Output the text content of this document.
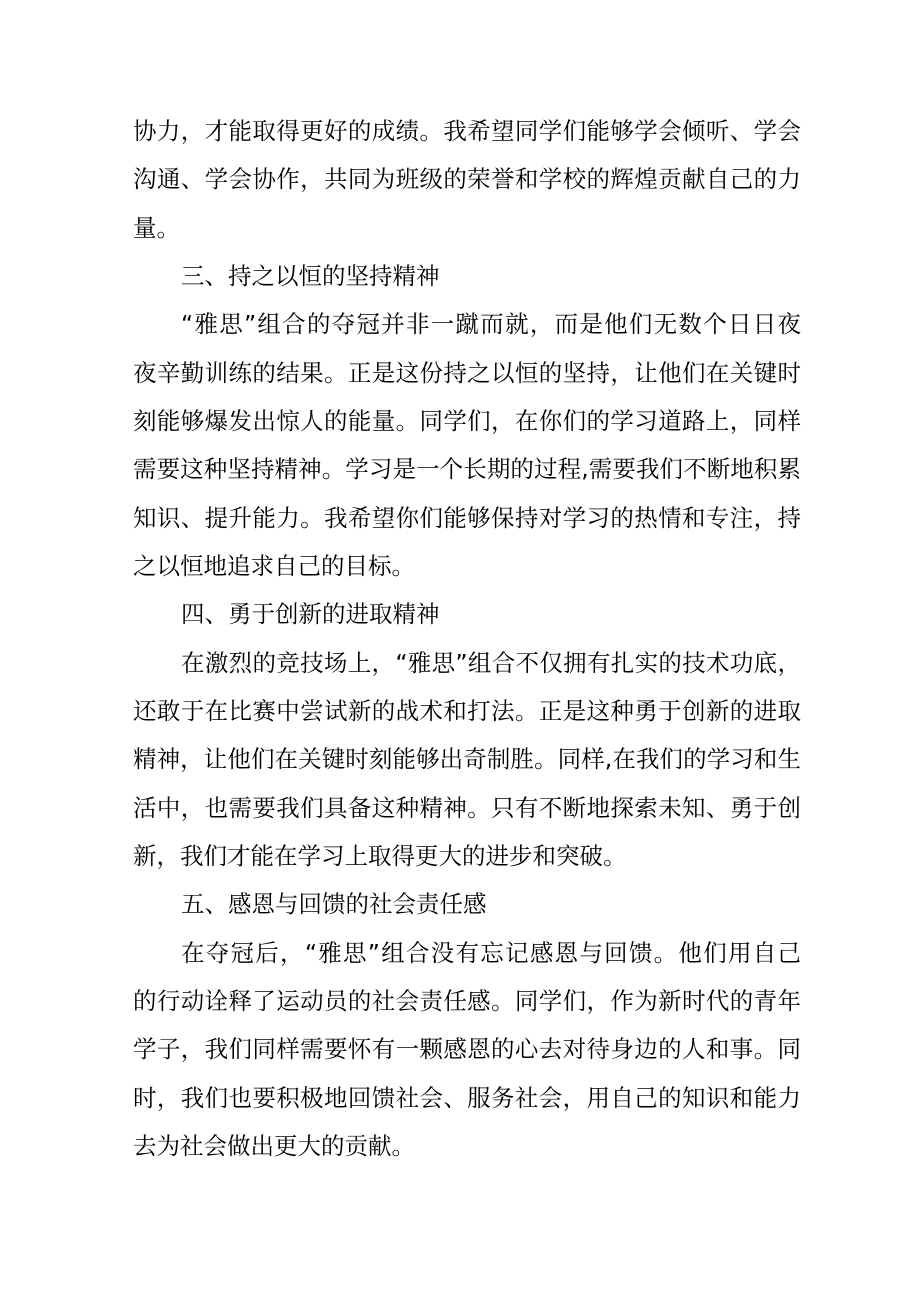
协力，才能取得更好的成绩。我希望同学们能够学会倾听、学会
沟通、学会协作，共同为班级的荣誉和学校的辉煌贡献自己的力
量。
三、持之以恒的坚持精神
“雅思”组合的夺冠并非一蹴而就，而是他们无数个日日夜
夜辛勤训练的结果。正是这份持之以恒的坚持，让他们在关键时
刻能够爆发出惊人的能量。同学们，在你们的学习道路上，同样
需要这种坚持精神。学习是一个长期的过程,需要我们不断地积累
知识、提升能力。我希望你们能够保持对学习的热情和专注，持
之以恒地追求自己的目标。
四、勇于创新的进取精神
在激烈的竞技场上，“雅思”组合不仅拥有扎实的技术功底，
还敢于在比赛中尝试新的战术和打法。正是这种勇于创新的进取
精神，让他们在关键时刻能够出奇制胜。同样,在我们的学习和生
活中，也需要我们具备这种精神。只有不断地探索未知、勇于创
新，我们才能在学习上取得更大的进步和突破。
五、感恩与回馈的社会责任感
在夺冠后，“雅思”组合没有忘记感恩与回馈。他们用自己
的行动诠释了运动员的社会责任感。同学们，作为新时代的青年
学子，我们同样需要怀有一颗感恩的心去对待身边的人和事。同
时，我们也要积极地回馈社会、服务社会，用自己的知识和能力
去为社会做出更大的贡献。
